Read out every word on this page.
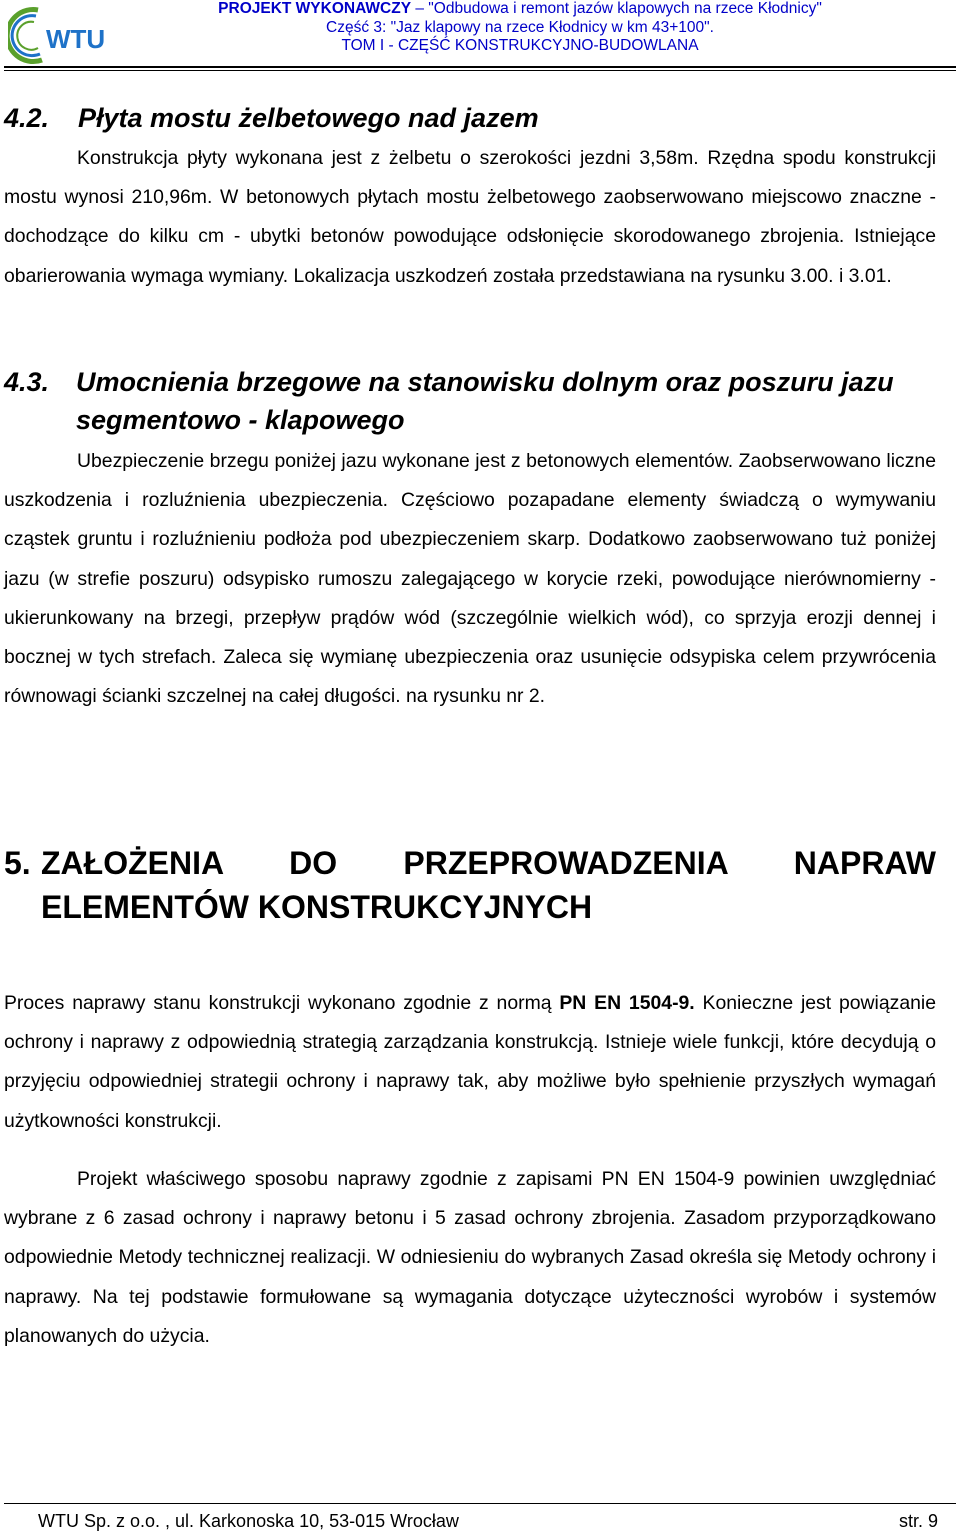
WTU
PROJEKT WYKONAWCZY – "Odbudowa i remont jazów klapowych na rzece Kłodnicy"
Część 3: "Jaz klapowy na rzece Kłodnicy w km 43+100".
TOM I - CZĘŚĆ KONSTRUKCYJNO-BUDOWLANA
4.2. Płyta mostu żelbetowego nad jazem
Konstrukcja płyty wykonana jest z żelbetu o szerokości jezdni 3,58m. Rzędna spodu konstrukcji mostu wynosi 210,96m. W betonowych płytach mostu żelbetowego zaobserwowano miejscowo znaczne - dochodzące do kilku cm - ubytki betonów powodujące odsłonięcie skorodowanego zbrojenia. Istniejące obarierowania wymaga wymiany. Lokalizacja uszkodzeń została przedstawiana na rysunku 3.00. i 3.01.
4.3. Umocnienia brzegowe na stanowisku dolnym oraz poszuru jazu segmentowo - klapowego
Ubezpieczenie brzegu poniżej jazu wykonane jest z betonowych elementów. Zaobserwowano liczne uszkodzenia i rozluźnienia ubezpieczenia. Częściowo pozapadane elementy świadczą o wymywaniu cząstek gruntu i rozluźnieniu podłoża pod ubezpieczeniem skarp. Dodatkowo zaobserwowano tuż poniżej jazu (w strefie poszuru) odsypisko rumoszu zalegającego w korycie rzeki, powodujące nierównomierny - ukierunkowany na brzegi, przepływ prądów wód (szczególnie wielkich wód), co sprzyja erozji dennej i bocznej w tych strefach. Zaleca się wymianę ubezpieczenia oraz usunięcie odsypiska celem przywrócenia równowagi ścianki szczelnej na całej długości. na rysunku nr 2.
5. ZAŁOŻENIA DO PRZEPROWADZENIA NAPRAW ELEMENTÓW KONSTRUKCYJNYCH
Proces naprawy stanu konstrukcji wykonano zgodnie z normą PN EN 1504-9. Konieczne jest powiązanie ochrony i naprawy z odpowiednią strategią zarządzania konstrukcją. Istnieje wiele funkcji, które decydują o przyjęciu odpowiedniej strategii ochrony i naprawy tak, aby możliwe było spełnienie przyszłych wymagań użytkowności konstrukcji.
Projekt właściwego sposobu naprawy zgodnie z zapisami PN EN 1504-9 powinien uwzględniać wybrane z 6 zasad ochrony i naprawy betonu i 5 zasad ochrony zbrojenia. Zasadom przyporządkowano odpowiednie Metody technicznej realizacji. W odniesieniu do wybranych Zasad określa się Metody ochrony i naprawy. Na tej podstawie formułowane są wymagania dotyczące użyteczności wyrobów i systemów planowanych do użycia.
WTU Sp. z o.o. , ul. Karkonoska 10, 53-015 Wrocław	str. 9
